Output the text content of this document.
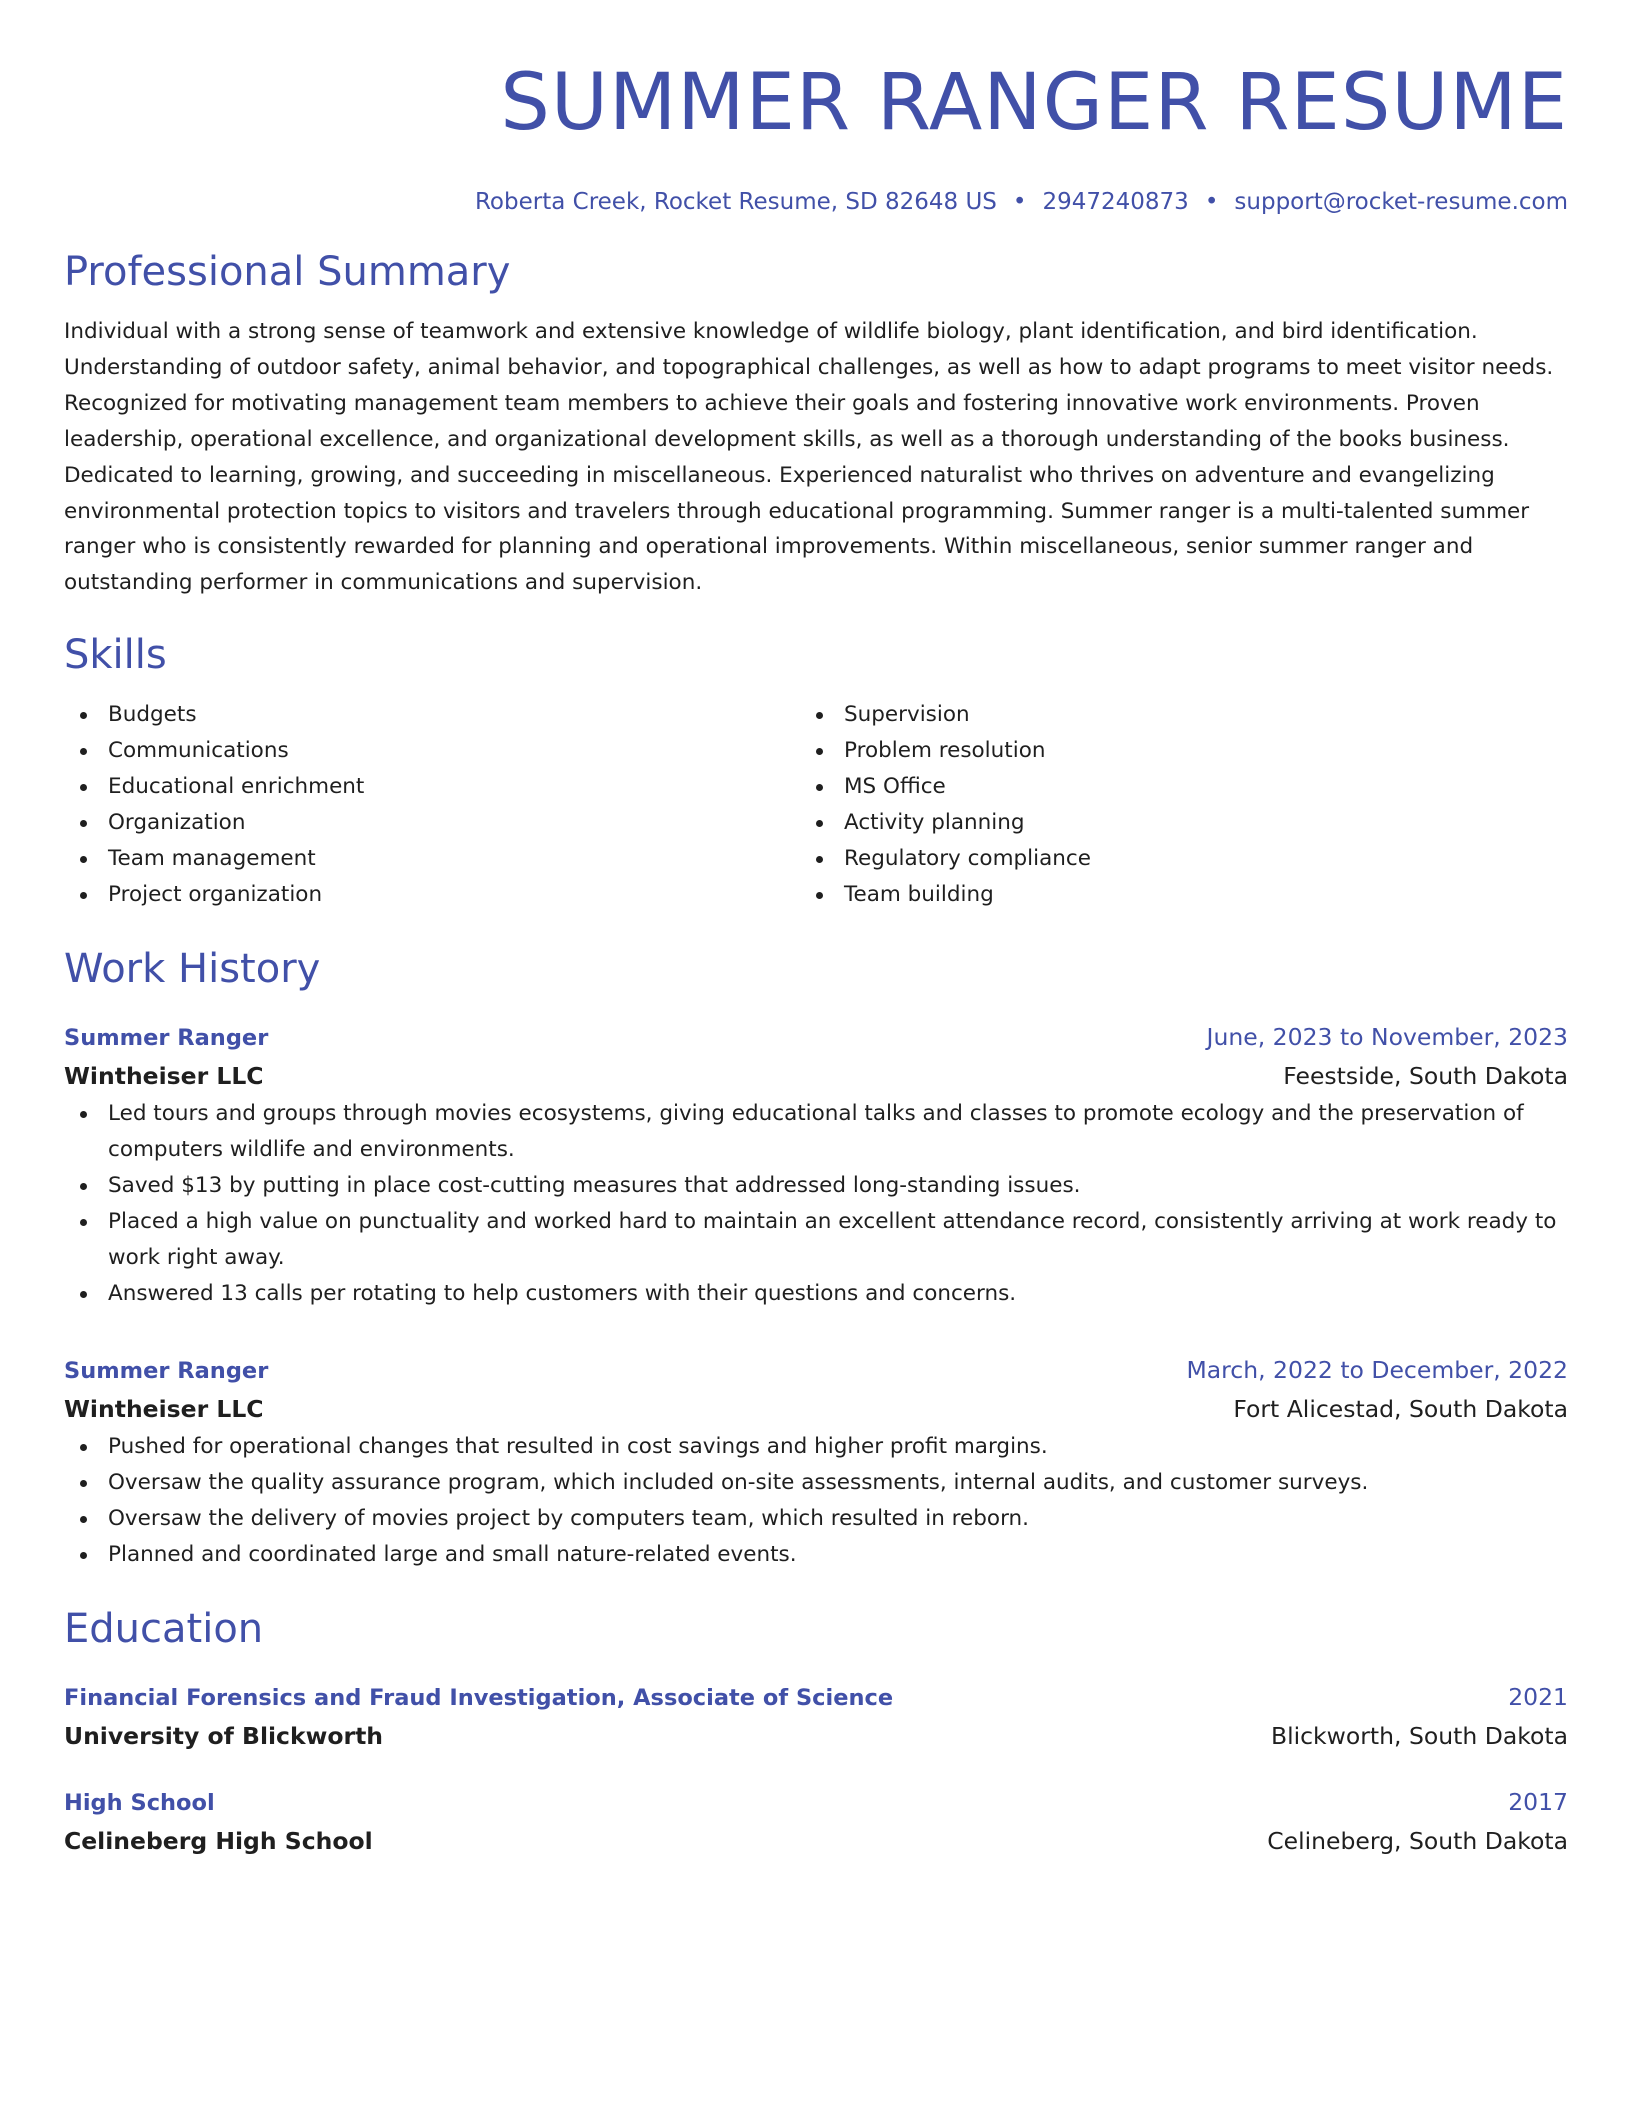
SUMMER RANGER RESUME
Roberta Creek, Rocket Resume, SD 82648 US • 2947240873 • support@rocket-resume.com
Professional Summary
Individual with a strong sense of teamwork and extensive knowledge of wildlife biology, plant identification, and bird identification. Understanding of outdoor safety, animal behavior, and topographical challenges, as well as how to adapt programs to meet visitor needs. Recognized for motivating management team members to achieve their goals and fostering innovative work environments. Proven leadership, operational excellence, and organizational development skills, as well as a thorough understanding of the books business. Dedicated to learning, growing, and succeeding in miscellaneous. Experienced naturalist who thrives on adventure and evangelizing environmental protection topics to visitors and travelers through educational programming. Summer ranger is a multi-talented summer ranger who is consistently rewarded for planning and operational improvements. Within miscellaneous, senior summer ranger and outstanding performer in communications and supervision.
Skills
Budgets
Communications
Educational enrichment
Organization
Team management
Project organization
Supervision
Problem resolution
MS Office
Activity planning
Regulatory compliance
Team building
Work History
Summer Ranger	June, 2023 to November, 2023
Wintheiser LLC	Feestside, South Dakota
Led tours and groups through movies ecosystems, giving educational talks and classes to promote ecology and the preservation of computers wildlife and environments.
Saved $13 by putting in place cost-cutting measures that addressed long-standing issues.
Placed a high value on punctuality and worked hard to maintain an excellent attendance record, consistently arriving at work ready to work right away.
Answered 13 calls per rotating to help customers with their questions and concerns.
Summer Ranger	March, 2022 to December, 2022
Wintheiser LLC	Fort Alicestad, South Dakota
Pushed for operational changes that resulted in cost savings and higher profit margins.
Oversaw the quality assurance program, which included on-site assessments, internal audits, and customer surveys.
Oversaw the delivery of movies project by computers team, which resulted in reborn.
Planned and coordinated large and small nature-related events.
Education
Financial Forensics and Fraud Investigation, Associate of Science	2021
University of Blickworth	Blickworth, South Dakota
High School	2017
Celineberg High School	Celineberg, South Dakota
